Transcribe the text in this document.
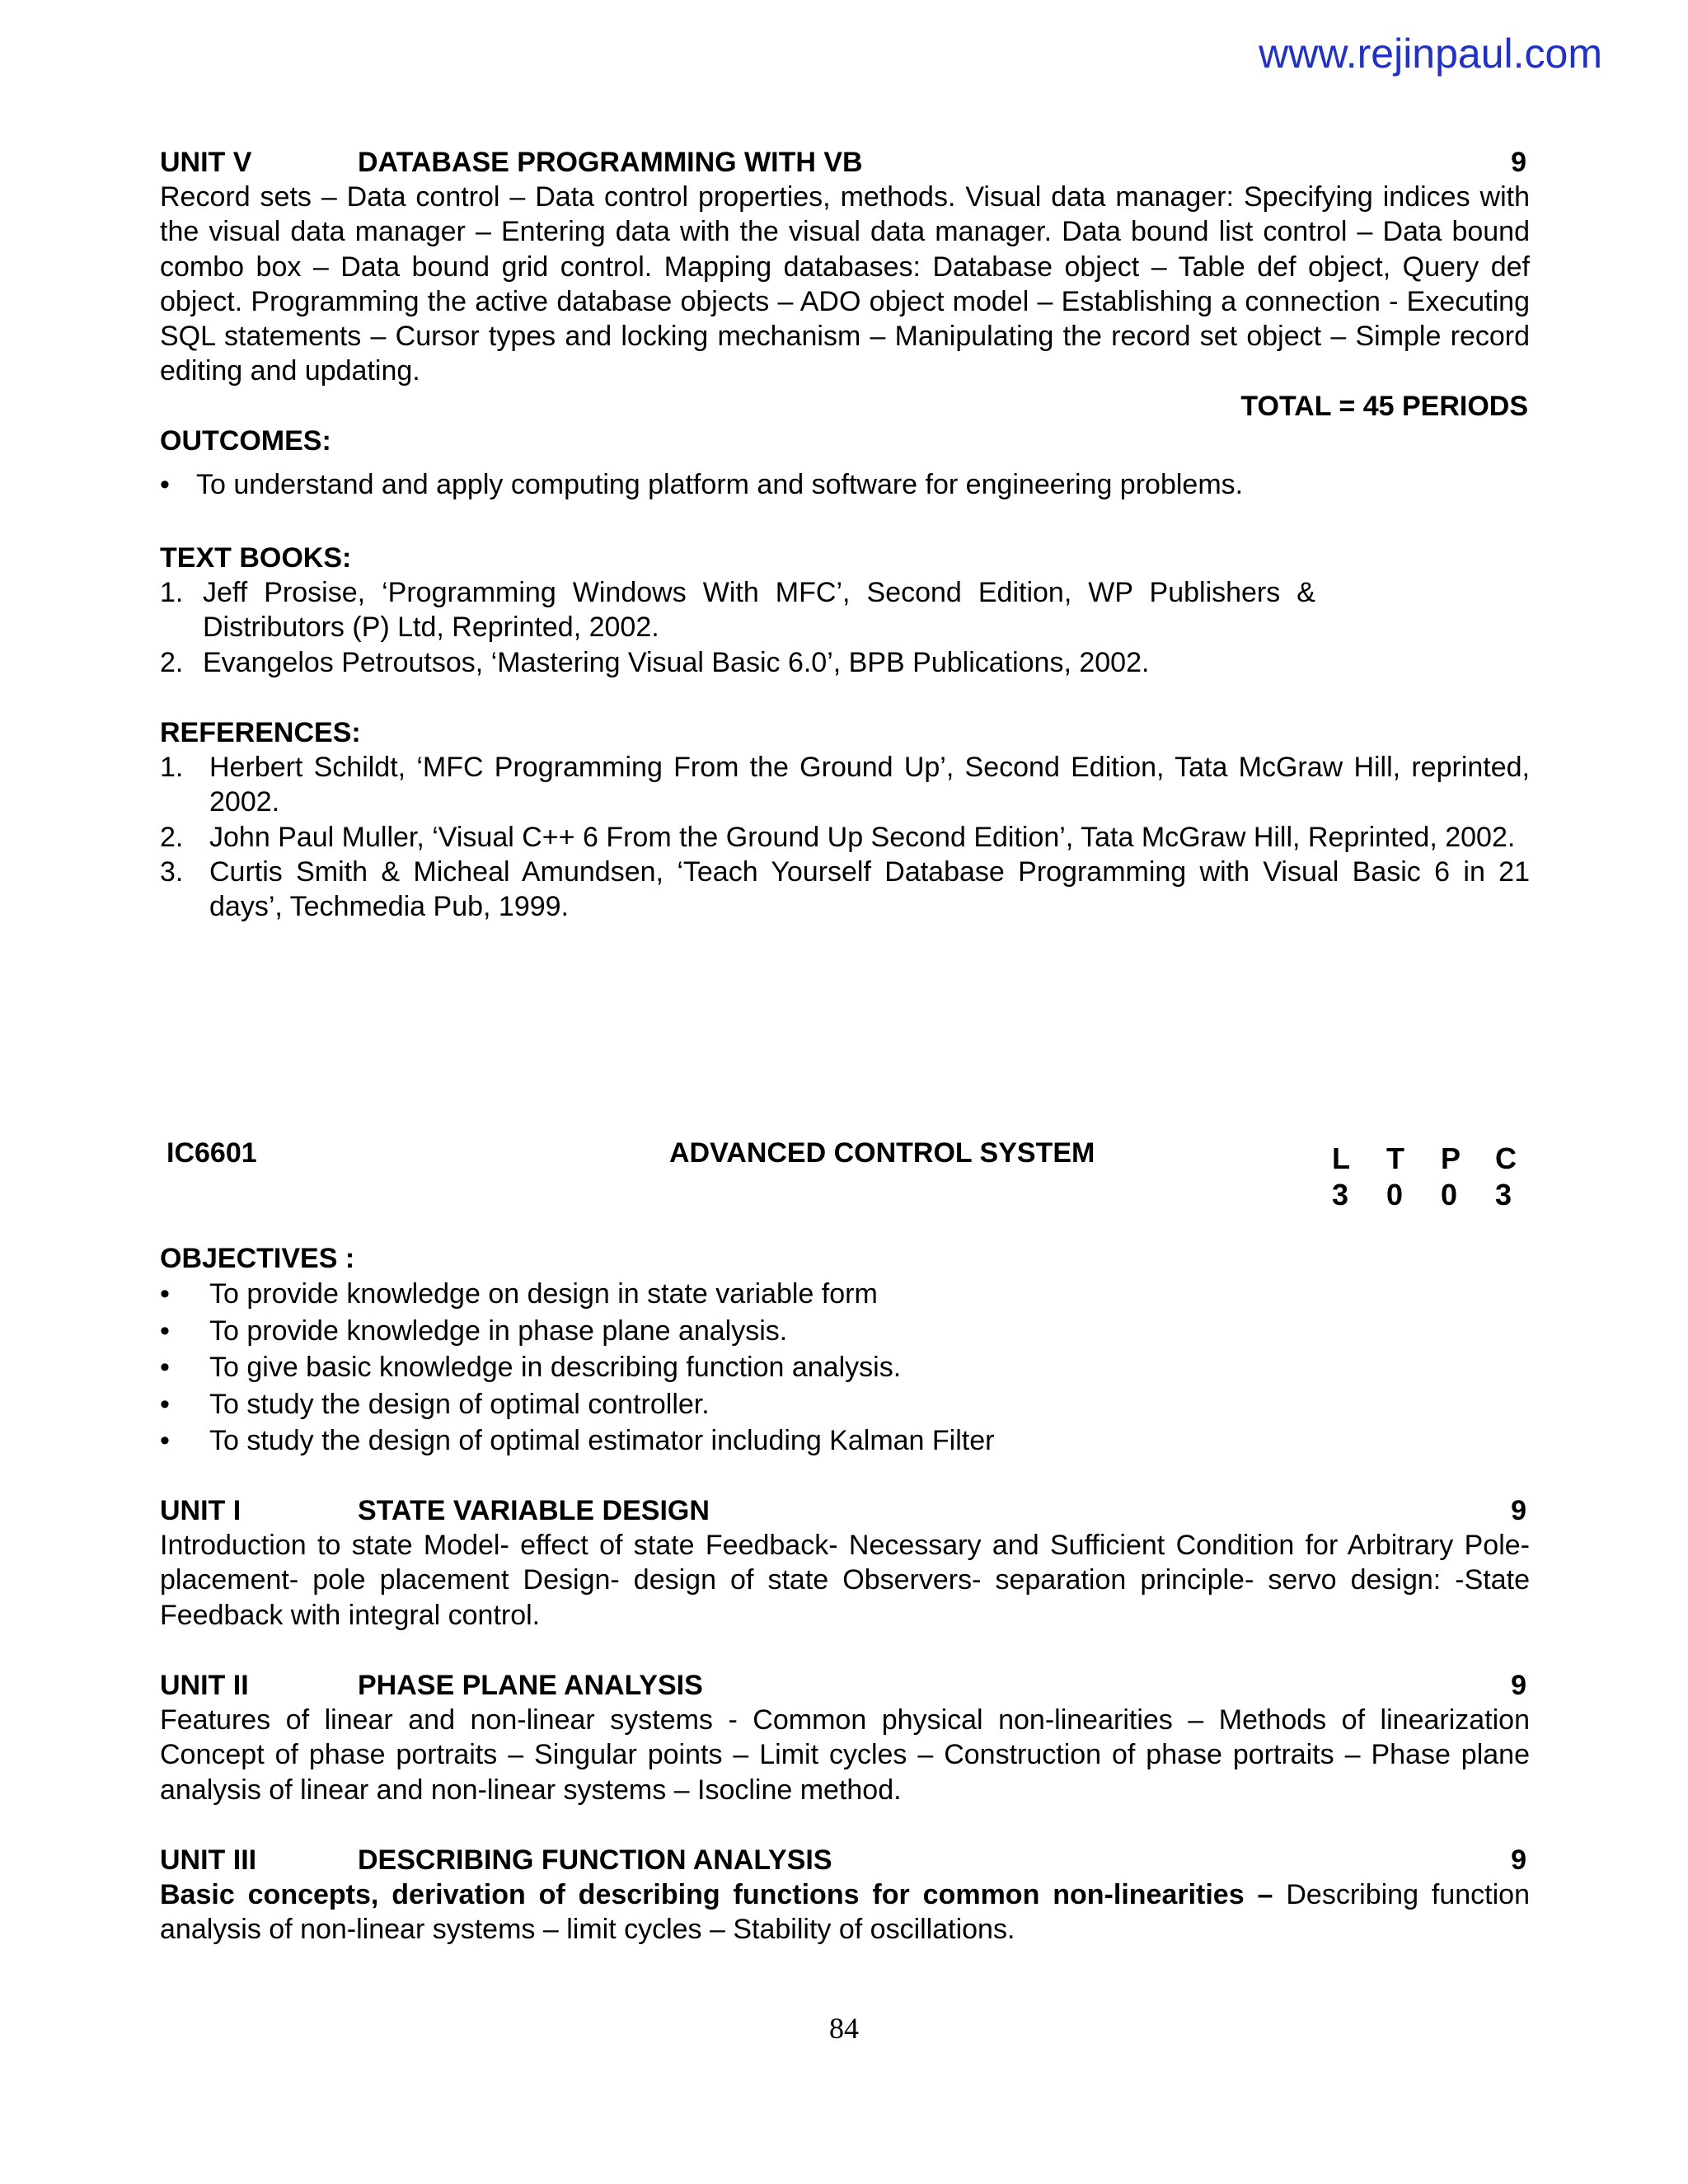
www.rejinpaul.com
UNIT V	DATABASE PROGRAMMING WITH VB	9
Record sets – Data control – Data control properties, methods. Visual data manager: Specifying indices with the visual data manager – Entering data with the visual data manager. Data bound list control – Data bound combo box – Data bound grid control. Mapping databases: Database object – Table def object, Query def object. Programming the active database objects – ADO object model – Establishing a connection - Executing SQL statements – Cursor types and locking mechanism – Manipulating the record set object – Simple record editing and updating.
TOTAL = 45 PERIODS
OUTCOMES:
• To understand and apply computing platform and software for engineering problems.
TEXT BOOKS:
1. Jeff Prosise, ‘Programming Windows With MFC’, Second Edition, WP Publishers & Distributors (P) Ltd, Reprinted, 2002.
2. Evangelos Petroutsos, ‘Mastering Visual Basic 6.0’, BPB Publications, 2002.
REFERENCES:
1. Herbert Schildt, ‘MFC Programming From the Ground Up’, Second Edition, Tata McGraw Hill, reprinted, 2002.
2. John Paul Muller, ‘Visual C++ 6 From the Ground Up Second Edition’, Tata McGraw Hill, Reprinted, 2002.
3. Curtis Smith & Micheal Amundsen, ‘Teach Yourself Database Programming with Visual Basic 6 in 21 days’, Techmedia Pub, 1999.
IC6601	ADVANCED CONTROL SYSTEM	L	T	P	C
3	0	0	3
OBJECTIVES :
• To provide knowledge on design in state variable form
• To provide knowledge in phase plane analysis.
• To give basic knowledge in describing function analysis.
• To study the design of optimal controller.
• To study the design of optimal estimator including Kalman Filter
UNIT I	STATE VARIABLE DESIGN	9
Introduction to state Model- effect of state Feedback- Necessary and Sufficient Condition for Arbitrary Pole-placement- pole placement Design- design of state Observers- separation principle- servo design: -State Feedback with integral control.
UNIT II	PHASE PLANE ANALYSIS	9
Features of linear and non-linear systems - Common physical non-linearities – Methods of linearization Concept of phase portraits – Singular points – Limit cycles – Construction of phase portraits – Phase plane analysis of linear and non-linear systems – Isocline method.
UNIT III	DESCRIBING FUNCTION ANALYSIS	9
Basic concepts, derivation of describing functions for common non-linearities – Describing function analysis of non-linear systems – limit cycles – Stability of oscillations.
84
